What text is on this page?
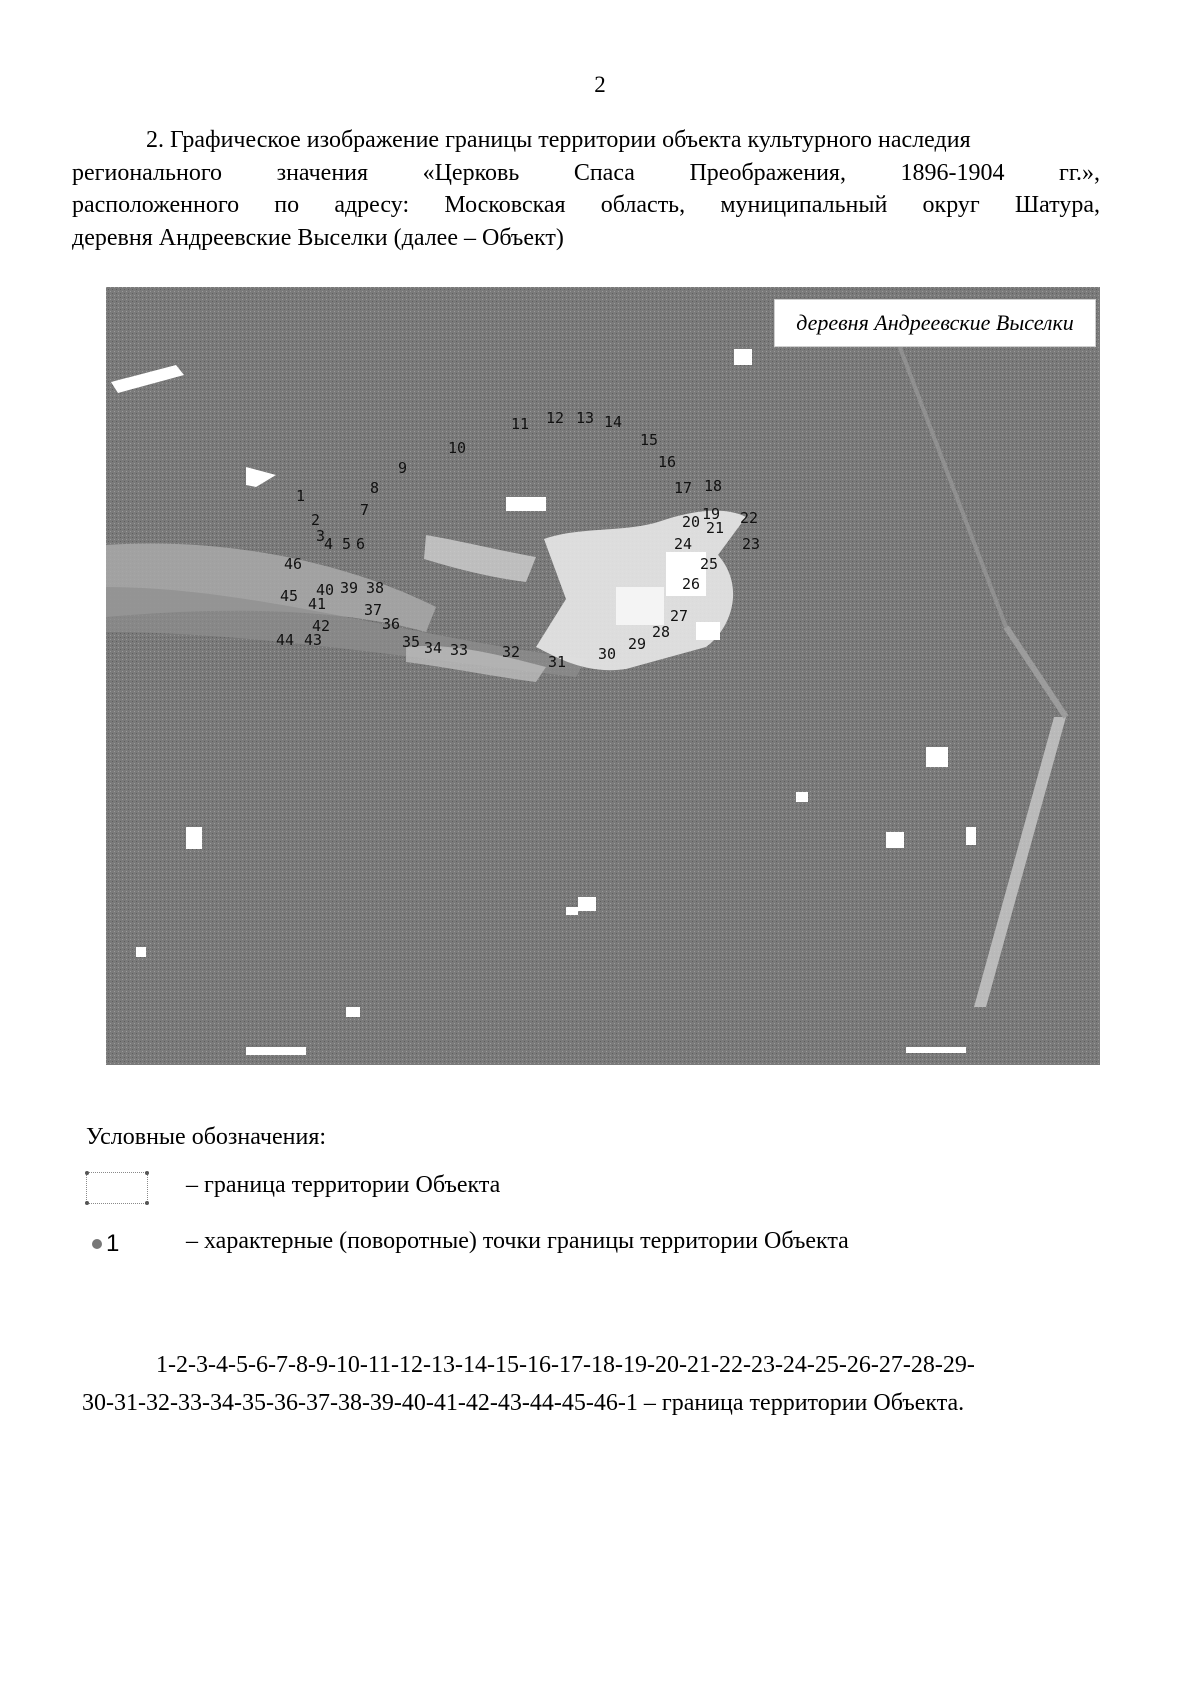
2

2. Графическое изображение границы территории объекта культурного наследия
регионального значения «Церковь Спаса Преображения, 1896-1904 гг.»,
расположенного по адресу: Московская область, муниципальный округ Шатура,
деревня Андреевские Выселки (далее – Объект)

1
2
3
4 5 6
7
8
9
10
11 12 13 14
15
16
17 18
19
20 21
22
23
24
25
26
27
28
29
30
31
32
33
34
35
36
37
38
39
40
41
42
43
44
45
46
деревня Андреевские Выселки
Условные обозначения:
– граница территории Объекта
1	– характерные (поворотные) точки границы территории Объекта

1-2-3-4-5-6-7-8-9-10-11-12-13-14-15-16-17-18-19-20-21-22-23-24-25-26-27-28-29-
30-31-32-33-34-35-36-37-38-39-40-41-42-43-44-45-46-1 – граница территории Объекта.
